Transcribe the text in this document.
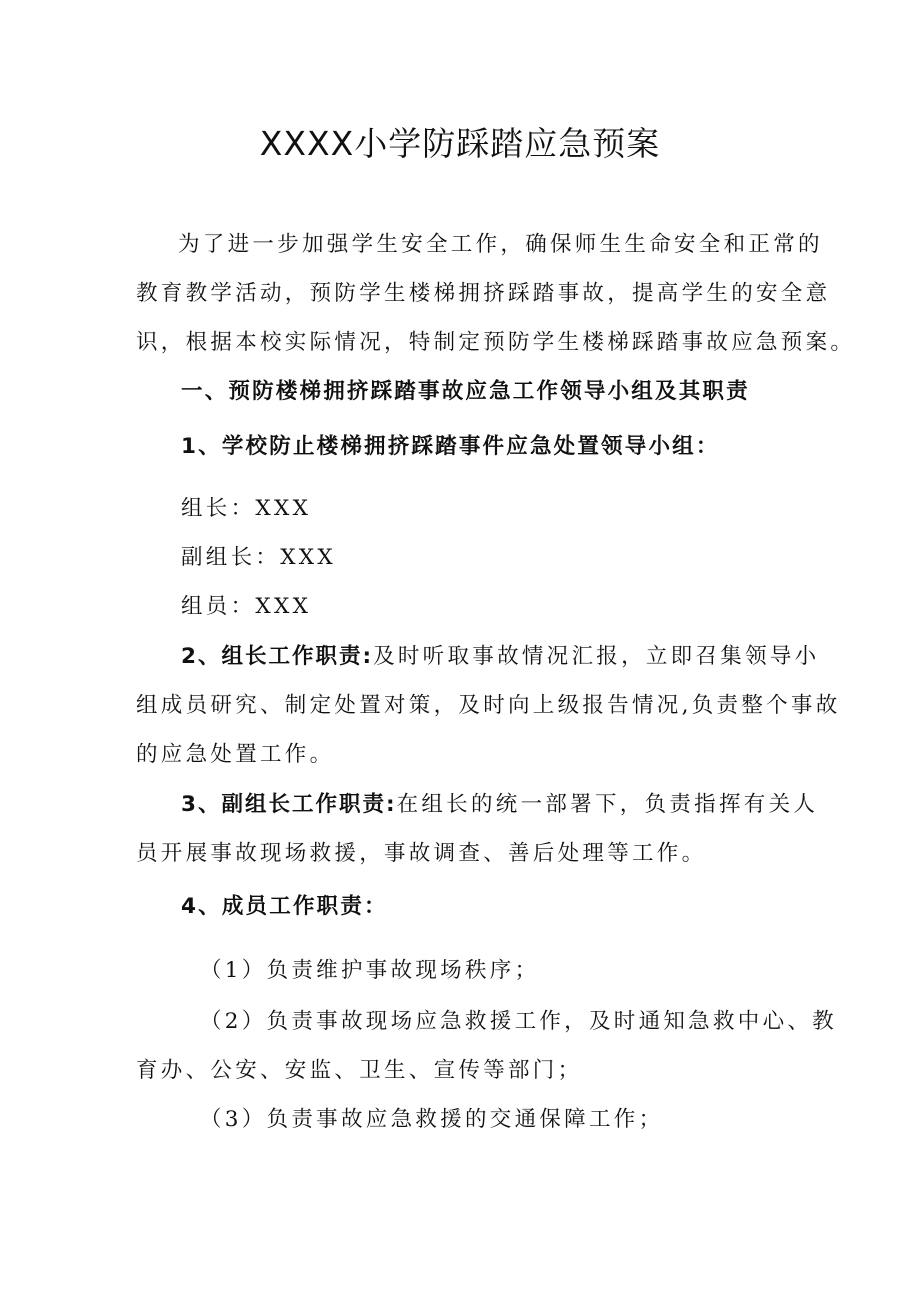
XXXX小学防踩踏应急预案
为了进一步加强学生安全工作，确保师生生命安全和正常的
教育教学活动，预防学生楼梯拥挤踩踏事故，提高学生的安全意
识，根据本校实际情况，特制定预防学生楼梯踩踏事故应急预案。
一、预防楼梯拥挤踩踏事故应急工作领导小组及其职责
1、学校防止楼梯拥挤踩踏事件应急处置领导小组：
组长：XXX
副组长：XXX
组员：XXX
2、组长工作职责:及时听取事故情况汇报，立即召集领导小
组成员研究、制定处置对策，及时向上级报告情况,负责整个事故
的应急处置工作。
3、副组长工作职责:在组长的统一部署下，负责指挥有关人
员开展事故现场救援，事故调查、善后处理等工作。
4、成员工作职责：
（1）负责维护事故现场秩序；
（2）负责事故现场应急救援工作，及时通知急救中心、教
育办、公安、安监、卫生、宣传等部门；
（3）负责事故应急救援的交通保障工作；
